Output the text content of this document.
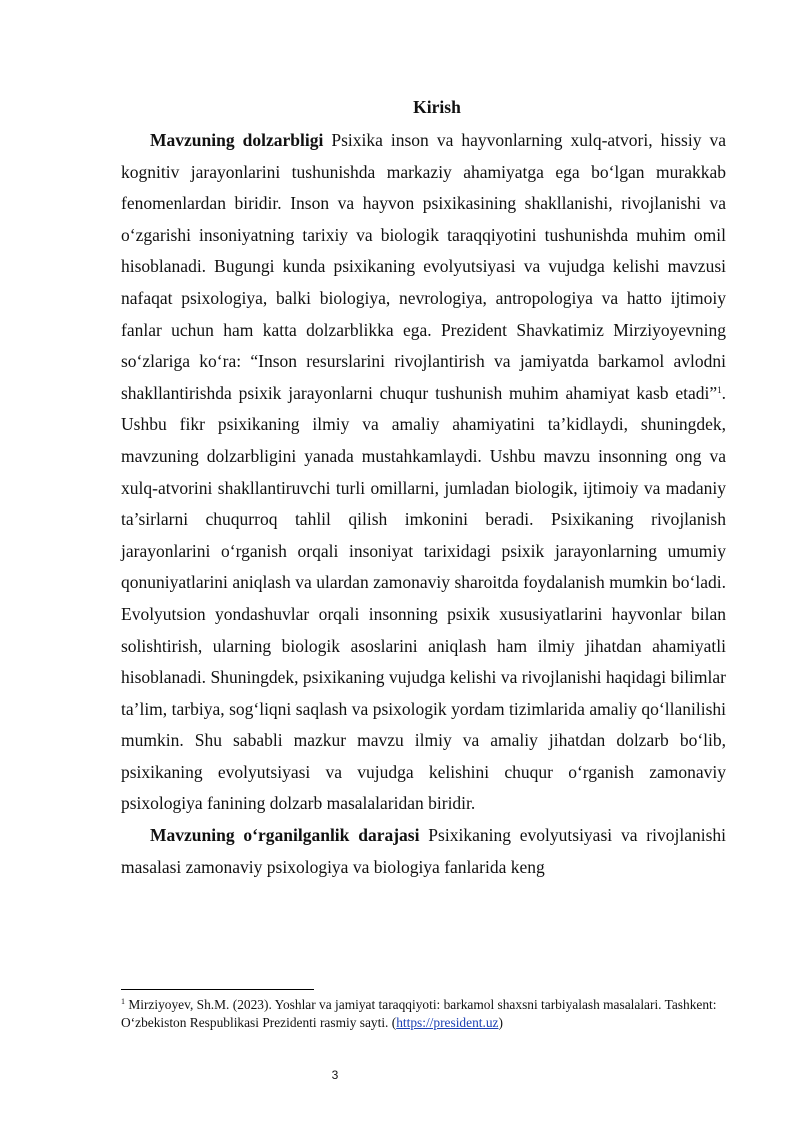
Kirish

Mavzuning dolzarbligi Psixika inson va hayvonlarning xulq-atvori, hissiy va kognitiv jarayonlarini tushunishda markaziy ahamiyatga ega bo‘lgan murakkab fenomenlardan biridir. Inson va hayvon psixikasining shakllanishi, rivojlanishi va o‘zgarishi insoniyatning tarixiy va biologik taraqqiyotini tushunishda muhim omil hisoblanadi. Bugungi kunda psixikaning evolyutsiyasi va vujudga kelishi mavzusi nafaqat psixologiya, balki biologiya, nevrologiya, antropologiya va hatto ijtimoiy fanlar uchun ham katta dolzarblikka ega. Prezident Shavkatimiz Mirziyoyevning so‘zlariga ko‘ra: “Inson resurslarini rivojlantirish va jamiyatda barkamol avlodni shakllantirishda psixik jarayonlarni chuqur tushunish muhim ahamiyat kasb etadi”$^1$. Ushbu fikr psixikaning ilmiy va amaliy ahamiyatini ta’kidlaydi, shuningdek, mavzuning dolzarbligini yanada mustahkamlaydi. Ushbu mavzu insonning ong va xulq-atvorini shakllantiruvchi turli omillarni, jumladan biologik, ijtimoiy va madaniy ta’sirlarni chuqurroq tahlil qilish imkonini beradi. Psixikaning rivojlanish jarayonlarini o‘rganish orqali insoniyat tarixidagi psixik jarayonlarning umumiy qonuniyatlarini aniqlash va ulardan zamonaviy sharoitda foydalanish mumkin bo‘ladi. Evolyutsion yondashuvlar orqali insonning psixik xususiyatlarini hayvonlar bilan solishtirish, ularning biologik asoslarini aniqlash ham ilmiy jihatdan ahamiyatli hisoblanadi. Shuningdek, psixikaning vujudga kelishi va rivojlanishi haqidagi bilimlar ta’lim, tarbiya, sog‘liqni saqlash va psixologik yordam tizimlarida amaliy qo‘llanilishi mumkin. Shu sababli mazkur mavzu ilmiy va amaliy jihatdan dolzarb bo‘lib, psixikaning evolyutsiyasi va vujudga kelishini chuqur o‘rganish zamonaviy psixologiya fanining dolzarb masalalaridan biridir.

Mavzuning o‘rganilganlik darajasi Psixikaning evolyutsiyasi va rivojlanishi masalasi zamonaviy psixologiya va biologiya fanlarida keng

$^1$ Mirziyoyev, Sh.M. (2023). Yoshlar va jamiyat taraqqiyoti: barkamol shaxsni tarbiyalash masalalari. Tashkent: O‘zbekiston Respublikasi Prezidenti rasmiy sayti. (https://president.uz)

3
